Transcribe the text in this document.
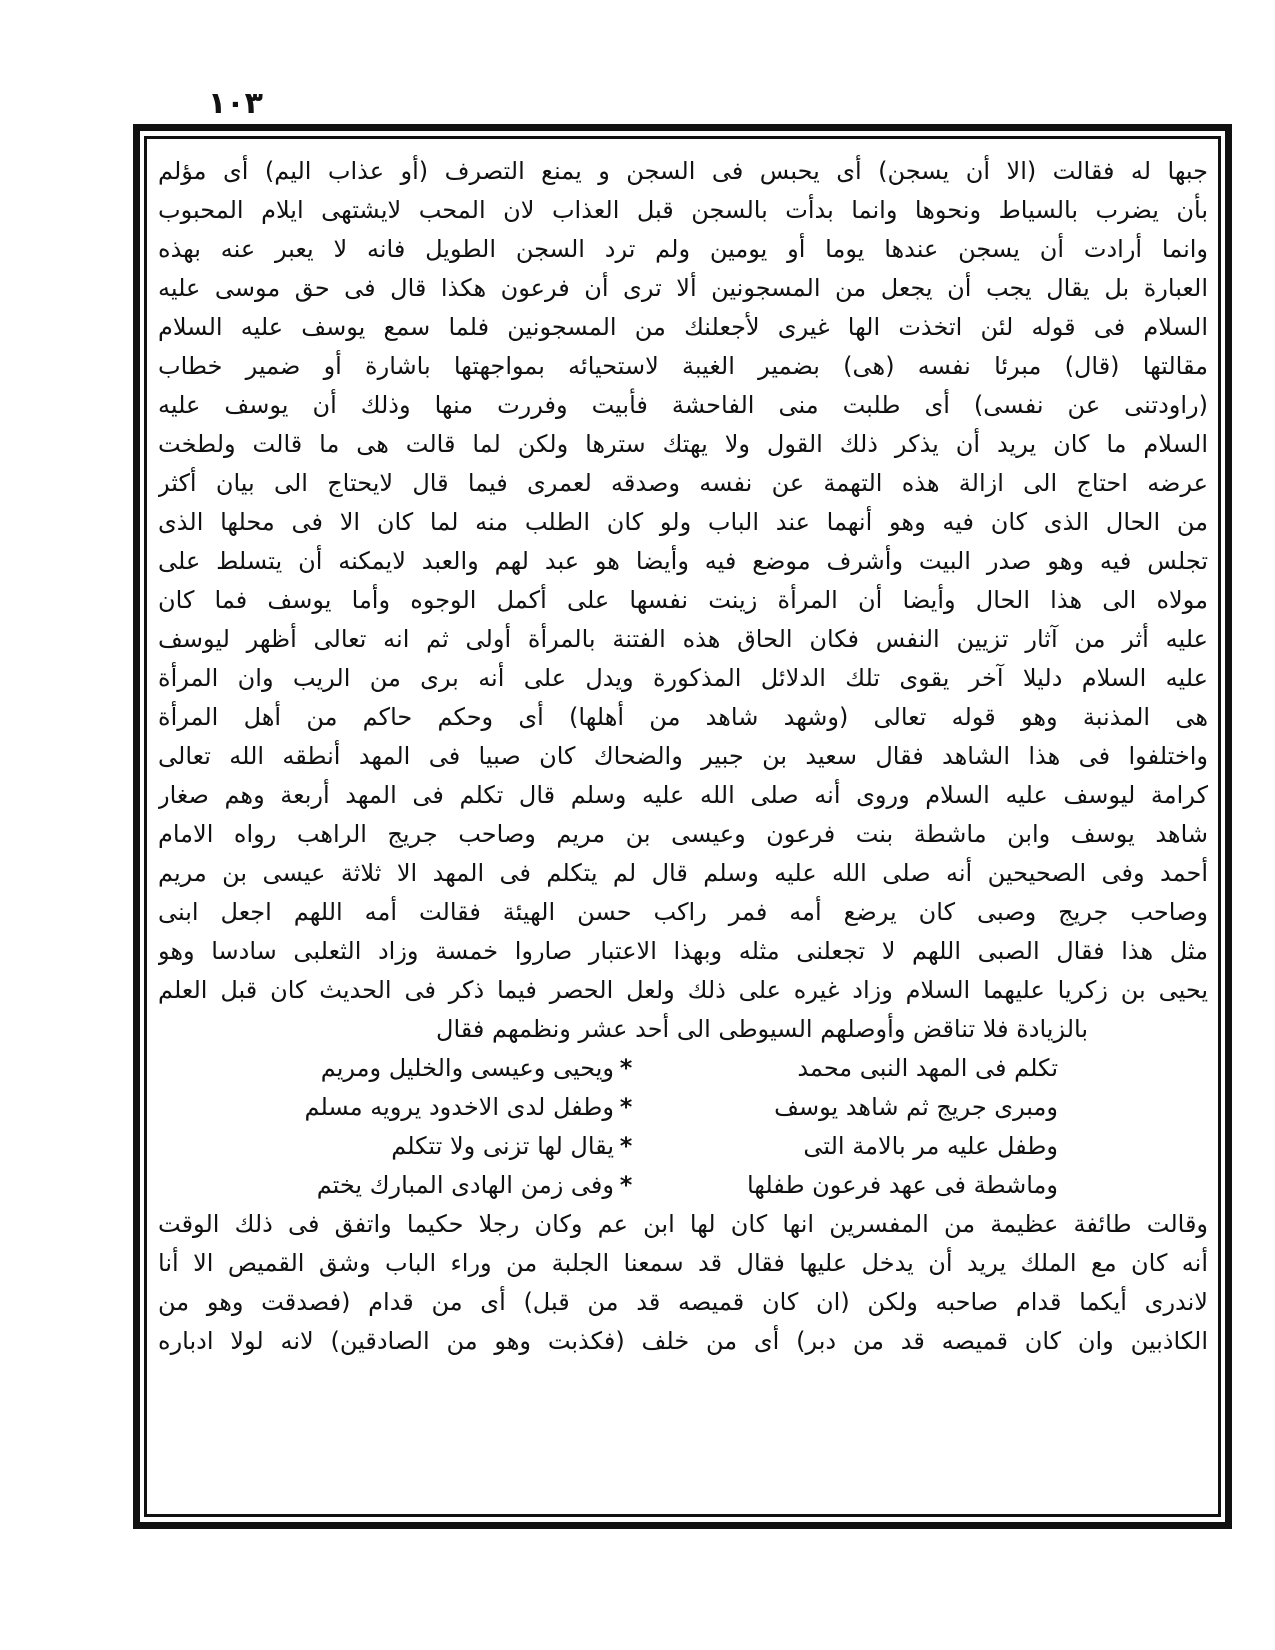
١٠٣
جبها له فقالت (الا أن يسجن) أى يحبس فى السجن و يمنع التصرف (أو عذاب اليم) أى مؤلم
بأن يضرب بالسياط ونحوها وانما بدأت بالسجن قبل العذاب لان المحب لايشتهى ايلام المحبوب
وانما أرادت أن يسجن عندها يوما أو يومين ولم ترد السجن الطويل فانه لا يعبر عنه بهذه
العبارة بل يقال يجب أن يجعل من المسجونين ألا ترى أن فرعون هكذا قال فى حق موسى عليه
السلام فى قوله لئن اتخذت الها غيرى لأجعلنك من المسجونين فلما سمع يوسف عليه السلام
مقالتها (قال) مبرئا نفسه (هى) بضمير الغيبة لاستحيائه بمواجهتها باشارة أو ضمير خطاب
(راودتنى عن نفسى) أى طلبت منى الفاحشة فأبيت وفررت منها وذلك أن يوسف عليه
السلام ما كان يريد أن يذكر ذلك القول ولا يهتك سترها ولكن لما قالت هى ما قالت ولطخت
عرضه احتاج الى ازالة هذه التهمة عن نفسه وصدقه لعمرى فيما قال لايحتاج الى بيان أكثر
من الحال الذى كان فيه وهو أنهما عند الباب ولو كان الطلب منه لما كان الا فى محلها الذى
تجلس فيه وهو صدر البيت وأشرف موضع فيه وأيضا هو عبد لهم والعبد لايمكنه أن يتسلط على
مولاه الى هذا الحال وأيضا أن المرأة زينت نفسها على أكمل الوجوه وأما يوسف فما كان
عليه أثر من آثار تزيين النفس فكان الحاق هذه الفتنة بالمرأة أولى ثم انه تعالى أظهر ليوسف
عليه السلام دليلا آخر يقوى تلك الدلائل المذكورة ويدل على أنه برى من الريب وان المرأة
هى المذنبة وهو قوله تعالى (وشهد شاهد من أهلها) أى وحكم حاكم من أهل المرأة
واختلفوا فى هذا الشاهد فقال سعيد بن جبير والضحاك كان صبيا فى المهد أنطقه الله تعالى
كرامة ليوسف عليه السلام وروى أنه صلى الله عليه وسلم قال تكلم فى المهد أربعة وهم صغار
شاهد يوسف وابن ماشطة بنت فرعون وعيسى بن مريم وصاحب جريج الراهب رواه الامام
أحمد وفى الصحيحين أنه صلى الله عليه وسلم قال لم يتكلم فى المهد الا ثلاثة عيسى بن مريم
وصاحب جريج وصبى كان يرضع أمه فمر راكب حسن الهيئة فقالت أمه اللهم اجعل ابنى
مثل هذا فقال الصبى اللهم لا تجعلنى مثله وبهذا الاعتبار صاروا خمسة وزاد الثعلبى سادسا وهو
يحيى بن زكريا عليهما السلام وزاد غيره على ذلك ولعل الحصر فيما ذكر فى الحديث كان قبل العلم
بالزيادة فلا تناقض وأوصلهم السيوطى الى أحد عشر ونظمهم فقال
تكلم فى المهد النبى محمد
*
ويحيى وعيسى والخليل ومريم
ومبرى جريج ثم شاهد يوسف
*
وطفل لدى الاخدود يرويه مسلم
وطفل عليه مر بالامة التى
*
يقال لها تزنى ولا تتكلم
وماشطة فى عهد فرعون طفلها
*
وفى زمن الهادى المبارك يختم
وقالت طائفة عظيمة من المفسرين انها كان لها ابن عم وكان رجلا حكيما واتفق فى ذلك الوقت
أنه كان مع الملك يريد أن يدخل عليها فقال قد سمعنا الجلبة من وراء الباب وشق القميص الا أنا
لاندرى أيكما قدام صاحبه ولكن (ان كان قميصه قد من قبل) أى من قدام (فصدقت وهو من
الكاذبين وان كان قميصه قد من دبر) أى من خلف (فكذبت وهو من الصادقين) لانه لولا ادباره
